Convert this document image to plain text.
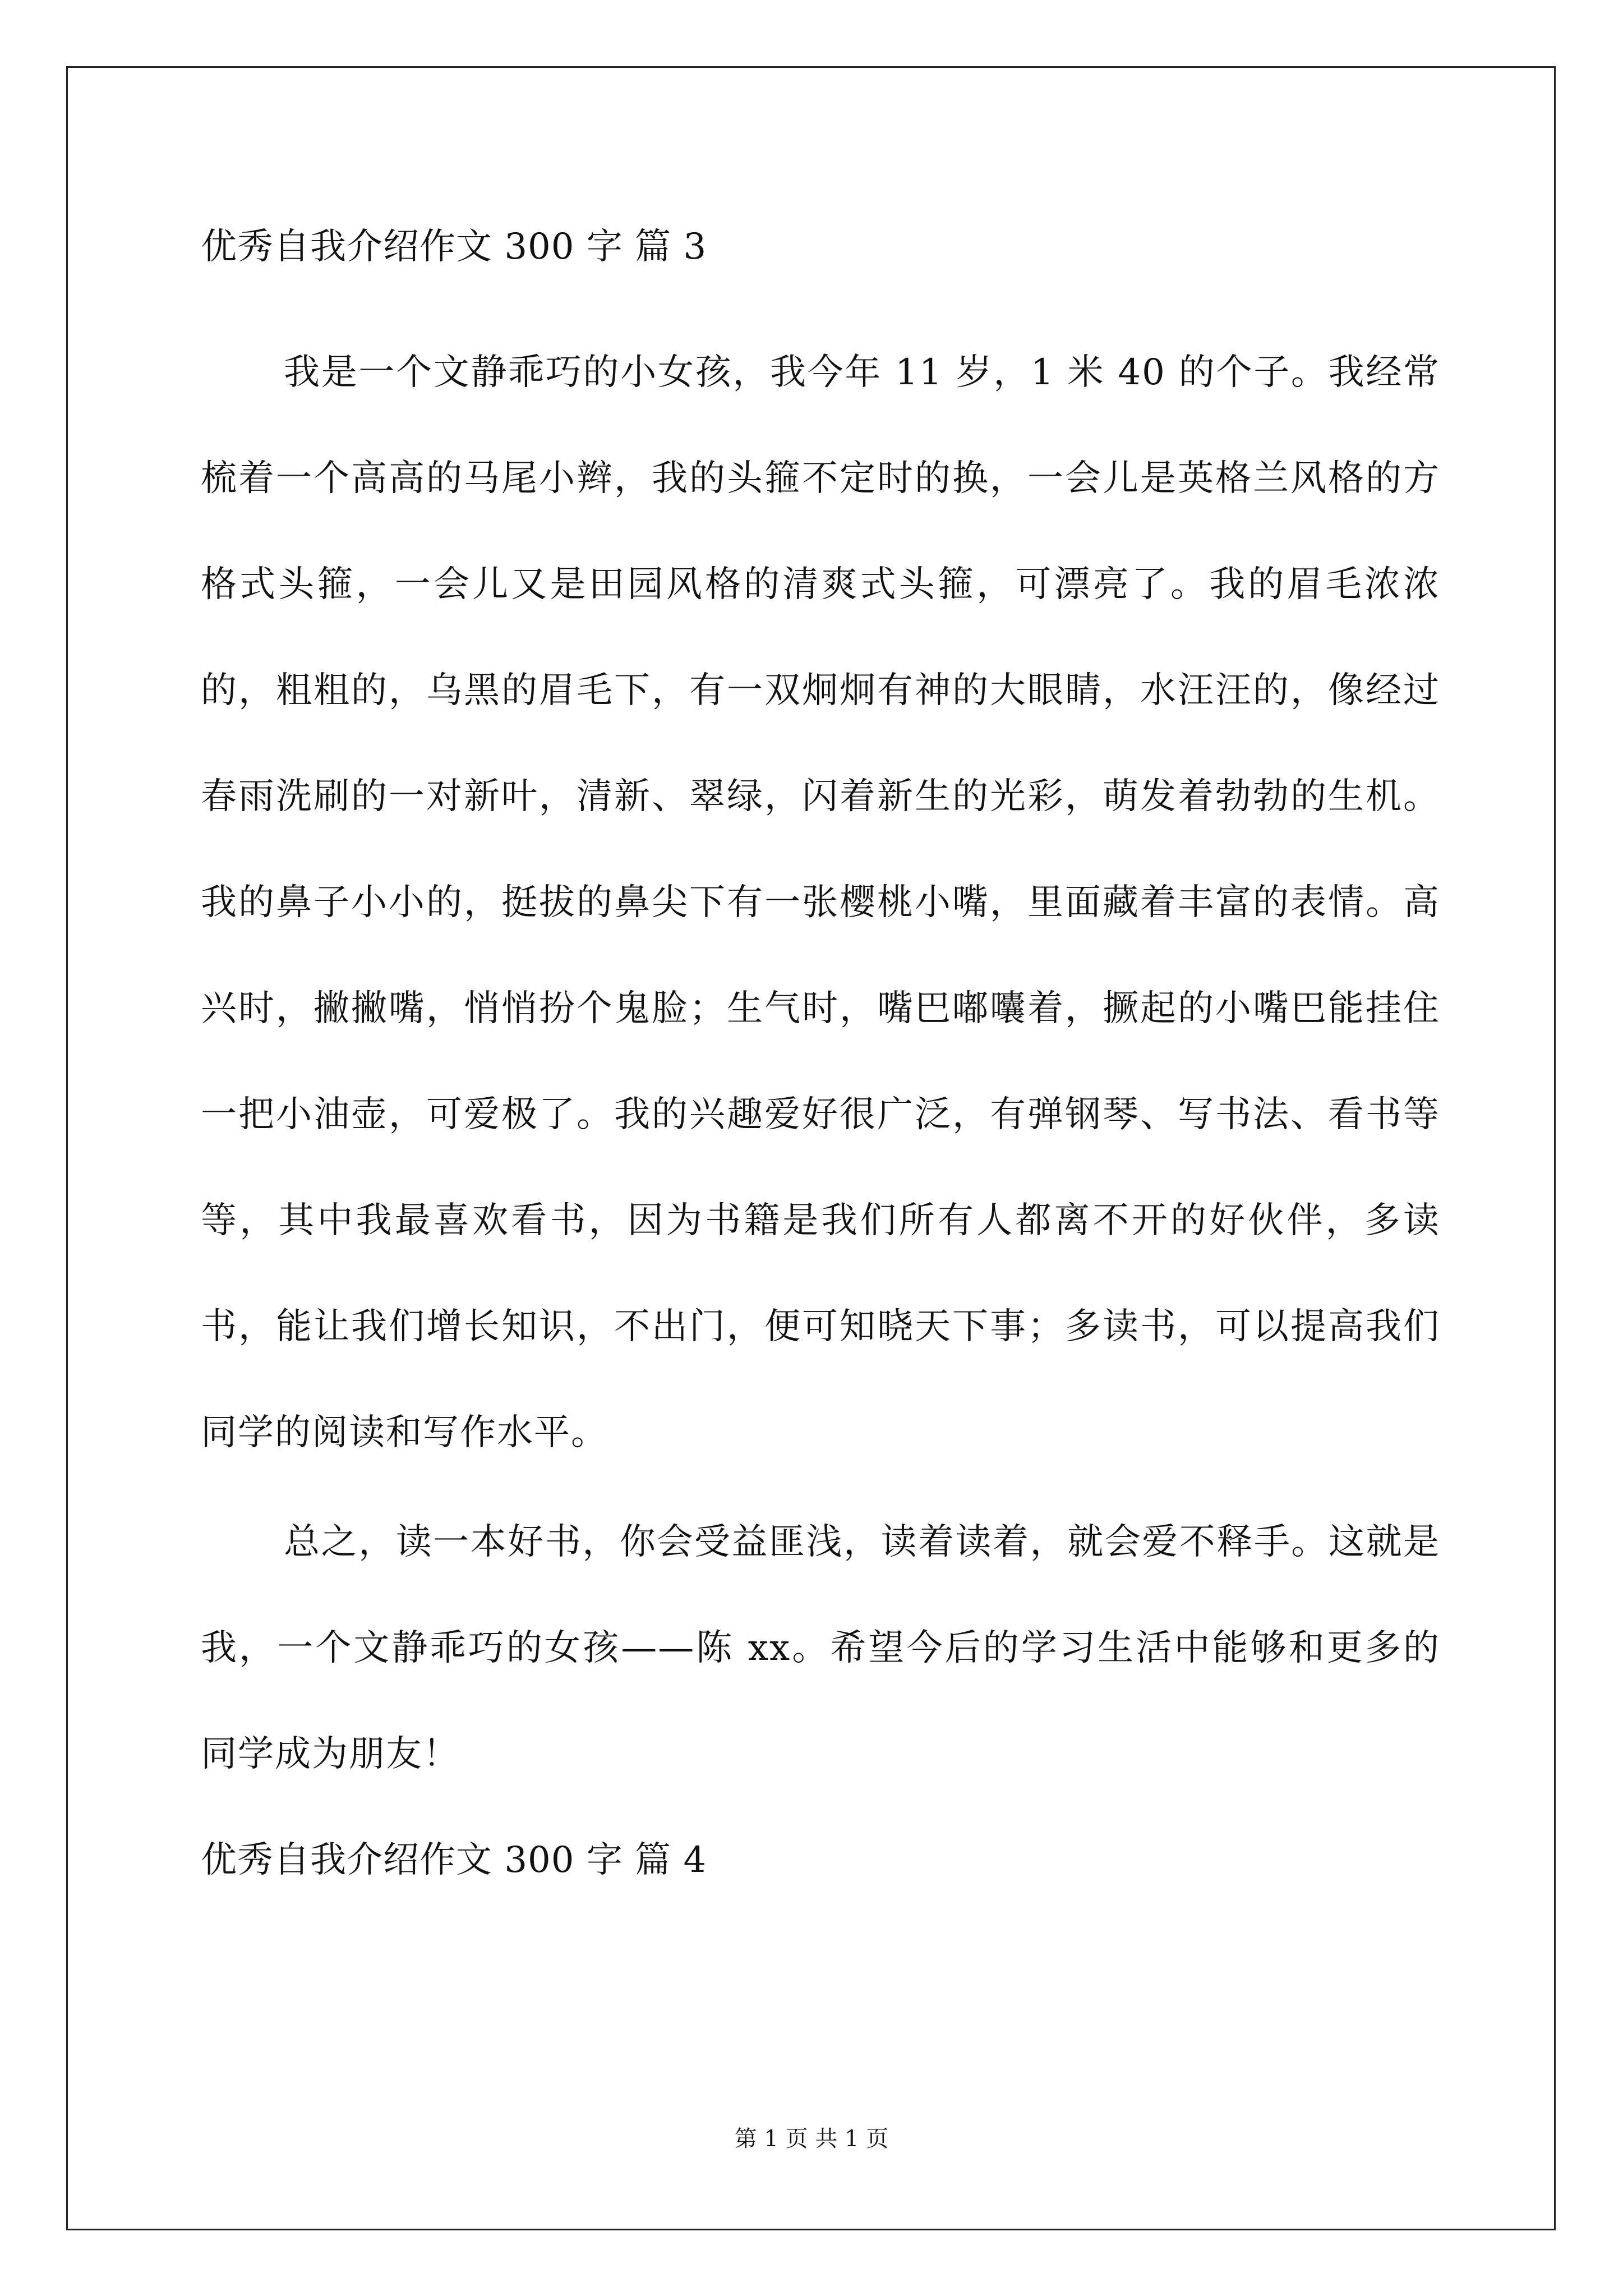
优秀自我介绍作文 300 字 篇 3

我是一个文静乖巧的小女孩，我今年 11 岁，1 米 40 的个子。我经常梳着一个高高的马尾小辫，我的头箍不定时的换，一会儿是英格兰风格的方格式头箍，一会儿又是田园风格的清爽式头箍，可漂亮了。我的眉毛浓浓的，粗粗的，乌黑的眉毛下，有一双炯炯有神的大眼睛，水汪汪的，像经过春雨洗刷的一对新叶，清新、翠绿，闪着新生的光彩，萌发着勃勃的生机。我的鼻子小小的，挺拔的鼻尖下有一张樱桃小嘴，里面藏着丰富的表情。高兴时，撇撇嘴，悄悄扮个鬼脸；生气时，嘴巴嘟囔着，撅起的小嘴巴能挂住一把小油壶，可爱极了。我的兴趣爱好很广泛，有弹钢琴、写书法、看书等等，其中我最喜欢看书，因为书籍是我们所有人都离不开的好伙伴，多读书，能让我们增长知识，不出门，便可知晓天下事；多读书，可以提高我们同学的阅读和写作水平。

总之，读一本好书，你会受益匪浅，读着读着，就会爱不释手。这就是我，一个文静乖巧的女孩——陈 xx。希望今后的学习生活中能够和更多的同学成为朋友！

优秀自我介绍作文 300 字 篇 4

第 1 页 共 1 页
